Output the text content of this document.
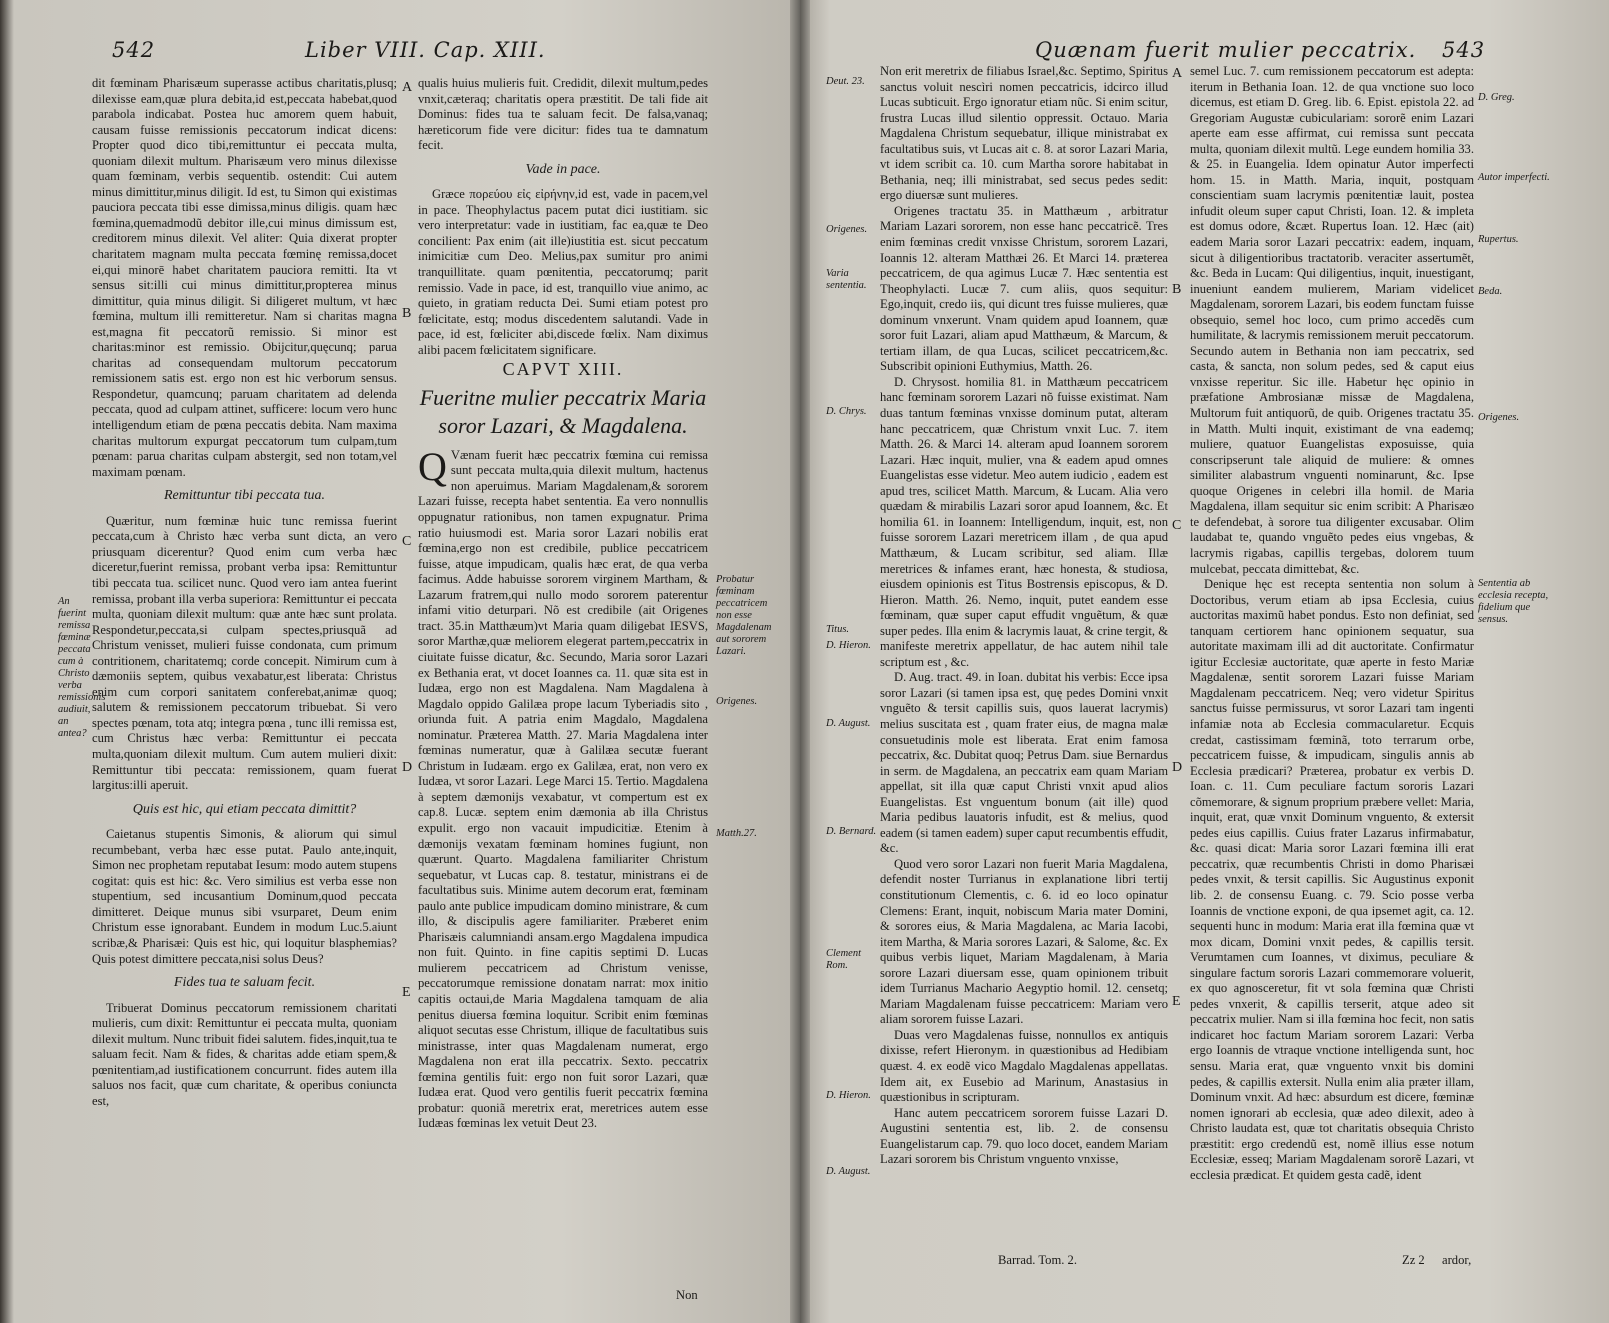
542	Liber VIII. Cap. XIII.

dit fœminam Pharisæum superasse actibus charitatis,plusq; dilexisse eam,quæ plura debita,id est,peccata habebat,quod parabola indicabat. Postea huc amorem quem habuit, causam fuisse remissionis peccatorum indicat dicens: Propter quod dico tibi,remittuntur ei peccata multa, quoniam dilexit multum. Pharisæum vero minus dilexisse quam fœminam, verbis sequentib. ostendit: Cui autem minus dimittitur,minus diligit. Id est, tu Simon qui existimas pauciora peccata tibi esse dimissa,minus diligis. quam hæc fœmina,quemadmodũ debitor ille,cui minus dimissum est, creditorem minus dilexit. Vel aliter: Quia dixerat propter charitatem magnam multa peccata fœminę remissa,docet ei,qui minorē habet charitatem pauciora remitti. Ita vt sensus sit:illi cui minus dimittitur,propterea minus dimittitur, quia minus diligit. Si diligeret multum, vt hæc fœmina, multum illi remitteretur. Nam si charitas magna est,magna fit peccatorũ remissio. Si minor est charitas:minor est remissio. Obijcitur,quęcunq; parua charitas ad consequendam multorum peccatorum remissionem satis est. ergo non est hic verborum sensus. Respondetur, quamcunq; paruam charitatem ad delenda peccata, quod ad culpam attinet, sufficere: locum vero hunc intelligendum etiam de pœna peccatis debita. Nam maxima charitas multorum expurgat peccatorum tum culpam,tum pœnam: parua charitas culpam abstergit, sed non totam,vel maximam pœnam.

Remittuntur tibi peccata tua.

Quæritur, num fœminæ huic tunc remissa fuerint peccata,cum à Christo hæc verba sunt dicta, an vero priusquam dicerentur? Quod enim cum verba hæc diceretur,fuerint remissa, probant verba ipsa: Remittuntur tibi peccata tua. scilicet nunc. Quod vero iam antea fuerint remissa, probant illa verba superiora: Remittuntur ei peccata multa, quoniam dilexit multum: quæ ante hæc sunt prolata. Respondetur,peccata,si culpam spectes,priusquã ad Christum venisset, mulieri fuisse condonata, cum primum contritionem, charitatemq; corde concepit. Nimirum cum à dæmoniis septem, quibus vexabatur,est liberata: Christus enim cum corpori sanitatem conferebat,animæ quoq; salutem & remissionem peccatorum tribuebat. Si vero spectes pœnam, tota atq; integra pœna , tunc illi remissa est, cum Christus hæc verba: Remittuntur ei peccata multa,quoniam dilexit multum. Cum autem mulieri dixit: Remittuntur tibi peccata: remissionem, quam fuerat largitus:illi aperuit.

Quis est hic, qui etiam peccata dimittit?

Caietanus stupentis Simonis, & aliorum qui simul recumbebant, verba hæc esse putat. Paulo ante,inquit, Simon nec prophetam reputabat Iesum: modo autem stupens cogitat: quis est hic: &c. Vero similius est verba esse non stupentium, sed incusantium Dominum,quod peccata dimitteret. Deique munus sibi vsurparet, Deum enim Christum esse ignorabant. Eundem in modum Luc.5.aiunt scribæ,& Pharisæi: Quis est hic, qui loquitur blasphemias? Quis potest dimittere peccata,nisi solus Deus?

Fides tua te saluam fecit.

Tribuerat Dominus peccatorum remissionem charitati mulieris, cum dixit: Remittuntur ei peccata multa, quoniam dilexit multum. Nunc tribuit fidei salutem. fides,inquit,tua te saluam fecit. Nam & fides, & charitas adde etiam spem,& pœnitentiam,ad iustificationem concurrunt. fides autem illa saluos nos facit, quæ cum charitate, & operibus coniuncta est,

qualis huius mulieris fuit. Credidit, dilexit multum,pedes vnxit,cæteraq; charitatis opera præstitit. De tali fide ait Dominus: fides tua te saluam fecit. De falsa,vanaq; hæreticorum fide vere dicitur: fides tua te damnatum fecit.

Vade in pace.

Græce πορεύου εἰς εἰρήνην,id est, vade in pacem,vel in pace. Theophylactus pacem putat dici iustitiam. sic vero interpretatur: vade in iustitiam, fac ea,quæ te Deo concilient: Pax enim (ait ille)iustitia est. sicut peccatum inimicitiæ cum Deo. Melius,pax sumitur pro animi tranquillitate. quam pœnitentia, peccatorumq; parit remissio. Vade in pace, id est, tranquillo viue animo, ac quieto, in gratiam reducta Dei. Sumi etiam potest pro fœlicitate, estq; modus discedentem salutandi. Vade in pace, id est, fœliciter abi,discede fœlix. Nam diximus alibi pacem fœlicitatem significare.

CAPVT XIII.
Fueritne mulier peccatrix Maria soror Lazari, & Magdalena.

Q Vænam fuerit hæc peccatrix fœmina cui remissa sunt peccata multa,quia dilexit multum, hactenus non aperuimus. Mariam Magdalenam,& sororem Lazari fuisse, recepta habet sententia. Ea vero nonnullis oppugnatur rationibus, non tamen expugnatur. Prima ratio huiusmodi est. Maria soror Lazari nobilis erat fœmina,ergo non est credibile, publice peccatricem fuisse, atque impudicam, qualis hæc erat, de qua verba facimus. Adde habuisse sororem virginem Martham, & Lazarum fratrem,qui nullo modo sororem paterentur infami vitio deturpari. Nõ est credibile (ait Origenes tract. 35.in Matthæum)vt Maria quam diligebat IESVS, soror Marthæ,quæ meliorem elegerat partem,peccatrix in ciuitate fuisse dicatur, &c. Secundo, Maria soror Lazari ex Bethania erat, vt docet Ioannes ca. 11. quæ sita est in Iudæa, ergo non est Magdalena. Nam Magdalena à Magdalo oppido Galilæa prope lacum Tyberiadis sito , orìunda fuit. A patria enim Magdalo, Magdalena nominatur. Præterea Matth. 27. Maria Magdalena inter fœminas numeratur, quæ à Galilæa secutæ fuerant Christum in Iudæam. ergo ex Galilæa, erat, non vero ex Iudæa, vt soror Lazari. Lege Marci 15. Tertio. Magdalena à septem dæmonijs vexabatur, vt compertum est ex cap.8. Lucæ. septem enim dæmonia ab illa Christus expulit. ergo non vacauit impudicitiæ. Etenim à dæmonijs vexatam fœminam homines fugiunt, non quærunt. Quarto. Magdalena familiariter Christum sequebatur, vt Lucas cap. 8. testatur, ministrans ei de facultatibus suis. Minime autem decorum erat, fœminam paulo ante publice impudicam domino ministrare, & cum illo, & discipulis agere familiariter. Præberet enim Pharisæis calumniandi ansam.ergo Magdalena impudica non fuit. Quinto. in fine capitis septimi D. Lucas mulierem peccatricem ad Christum venisse, peccatorumque remissione donatam narrat: mox initio capitis octaui,de Maria Magdalena tamquam de alia penitus diuersa fœmina loquitur. Scribit enim fœminas aliquot secutas esse Christum, illique de facultatibus suis ministrasse, inter quas Magdalenam numerat, ergo Magdalena non erat illa peccatrix. Sexto. peccatrix fœmina gentilis fuit: ergo non fuit soror Lazari, quæ Iudæa erat. Quod vero gentilis fuerit peccatrix fœmina probatur: quoniã meretrix erat, meretrices autem esse Iudæas fœminas lex vetuit Deut 23.

Non
A
B
C
D
E
An fuerint remissa fœminæ peccata cum à Christo verba remissionis audiuit, an antea?
Probatur fœminam peccatricem non esse Magdalenam aut sororem Lazari.
Origenes.
Matth.27.
Quænam fuerit mulier peccatrix. 543

Non erit meretrix de filiabus Israel,&c. Septimo, Spiritus sanctus voluit nescìri nomen peccatricis, idcirco illud Lucas subticuit. Ergo ignoratur etiam nũc. Si enim scitur, frustra Lucas illud silentio oppressit. Octauo. Maria Magdalena Christum sequebatur, illique ministrabat ex facultatibus suis, vt Lucas ait c. 8. at soror Lazari Maria, vt idem scribit ca. 10. cum Martha sorore habitabat in Bethania, neq; illi ministrabat, sed secus pedes sedit: ergo diuersæ sunt mulieres.

Origenes tractatu 35. in Matthæum , arbitratur Mariam Lazari sororem, non esse hanc peccatricẽ. Tres enim fœminas credit vnxisse Christum, sororem Lazari, Ioannis 12. alteram Matthæi 26. Et Marci 14. præterea peccatricem, de qua agimus Lucæ 7. Hæc sententia est Theophylacti. Lucæ 7. cum aliis, quos sequitur: Ego,inquit, credo iis, qui dicunt tres fuisse mulieres, quæ dominum vnxerunt. Vnam quidem apud Ioannem, quæ soror fuit Lazari, aliam apud Matthæum, & Marcum, & tertiam illam, de qua Lucas, scilicet peccatricem,&c. Subscribit opinioni Euthymius, Matth. 26.

D. Chrysost. homilia 81. in Matthæum peccatricem hanc fœminam sororem Lazari nõ fuisse existimat. Nam duas tantum fœminas vnxisse dominum putat, alteram hanc peccatricem, quæ Christum vnxit Luc. 7. item Matth. 26. & Marci 14. alteram apud Ioannem sororem Lazari. Hæc inquit, mulier, vna & eadem apud omnes Euangelistas esse videtur. Meo autem iudicio , eadem est apud tres, scilicet Matth. Marcum, & Lucam. Alia vero quædam & mirabilis Lazari soror apud Ioannem, &c. Et homilia 61. in Ioannem: Intelligendum, inquit, est, non fuisse sororem Lazari meretricem illam , de qua apud Matthæum, & Lucam scribitur, sed aliam. Illæ meretrices & infames erant, hæc honesta, & studiosa, eiusdem opinionis est Titus Bostrensis episcopus, & D. Hieron. Matth. 26. Nemo, inquit, putet eandem esse fœminam, quæ super caput effudit vnguẽtum, & quæ super pedes. Illa enim & lacrymis lauat, & crine tergit, & manifeste meretrix appellatur, de hac autem nihil tale scriptum est , &c.

D. Aug. tract. 49. in Ioan. dubitat his verbis: Ecce ipsa soror Lazari (si tamen ipsa est, quę pedes Domini vnxit vnguẽto & tersit capillis suis, quos lauerat lacrymis) melius suscitata est , quam frater eius, de magna malæ consuetudinis mole est liberata. Erat enim famosa peccatrix, &c. Dubitat quoq; Petrus Dam. siue Bernardus in serm. de Magdalena, an peccatrix eam quam Mariam appellat, sit illa quæ caput Christi vnxit apud alios Euangelistas. Est vnguentum bonum (ait ille) quod Maria pedibus lauatoris infudit, est & melius, quod eadem (si tamen eadem) super caput recumbentis effudit, &c.

Quod vero soror Lazari non fuerit Maria Magdalena, defendit noster Turrianus in explanatione libri tertij constitutionum Clementis, c. 6. id eo loco opinatur Clemens: Erant, inquit, nobiscum Maria mater Domini, & sorores eius, & Maria Magdalena, ac Maria Iacobi, item Martha, & Maria sorores Lazari, & Salome, &c. Ex quibus verbis liquet, Mariam Magdalenam, à Maria sorore Lazari diuersam esse, quam opinionem tribuit idem Turrianus Machario Aegyptio homil. 12. censetq; Mariam Magdalenam fuisse peccatricem: Mariam vero aliam sororem fuisse Lazari.

Duas vero Magdalenas fuisse, nonnullos ex antiquis dixisse, refert Hieronym. in quæstionibus ad Hedibiam quæst. 4. ex eodẽ vico Magdalo Magdalenas appellatas. Idem ait, ex Eusebio ad Marinum, Anastasius in quæstionibus in scripturam.

Hanc autem peccatricem sororem fuisse Lazari D. Augustini sententia est, lib. 2. de consensu Euangelistarum cap. 79. quo loco docet, eandem Mariam Lazari sororem bis Christum vnguento vnxisse,

semel Luc. 7. cum remissionem peccatorum est adepta: iterum in Bethania Ioan. 12. de qua vnctione suo loco dicemus, est etiam D. Greg. lib. 6. Epist. epistola 22. ad Gregoriam Augustæ cubiculariam: sororẽ enim Lazari aperte eam esse affirmat, cui remissa sunt peccata multa, quoniam dilexit multũ. Lege eundem homilia 33. & 25. in Euangelia. Idem opinatur Autor imperfecti hom. 15. in Matth. Maria, inquit, postquam conscientiam suam lacrymis pœnitentiæ lauit, postea infudit oleum super caput Christi, Ioan. 12. & impleta est domus odore, &cæt. Rupertus Ioan. 12. Hæc (ait) eadem Maria soror Lazari peccatrix: eadem, inquam, sicut à diligentioribus tractatorib. veraciter assertumẽt, &c. Beda in Lucam: Qui diligentius, inquit, inuestigant, inueniunt eandem mulierem, Mariam videlicet Magdalenam, sororem Lazari, bis eodem functam fuisse obsequio, semel hoc loco, cum primo accedẽs cum humilitate, & lacrymis remissionem meruit peccatorum. Secundo autem in Bethania non iam peccatrix, sed casta, & sancta, non solum pedes, sed & caput eius vnxisse reperitur. Sic ille. Habetur hęc opinio in præfatione Ambrosianæ missæ de Magdalena, Multorum fuit antiquorũ, de quib. Origenes tractatu 35. in Matth. Multi inquit, existimant de vna eademq; muliere, quatuor Euangelistas exposuisse, quia conscripserunt tale aliquid de muliere: & omnes similiter alabastrum vnguenti nominarunt, &c. Ipse quoque Origenes in celebri illa homil. de Maria Magdalena, illam sequitur sic enim scribit: A Pharisæo te defendebat, à sorore tua diligenter excusabar. Olim laudabat te, quando vnguẽto pedes eius vngebas, & lacrymis rigabas, capillis tergebas, dolorem tuum mulcebat, peccata dimittebat, &c.

Denique hęc est recepta sententia non solum à Doctoribus, verum etiam ab ipsa Ecclesia, cuius auctoritas maximũ habet pondus. Esto non definiat, sed tanquam certiorem hanc opinionem sequatur, sua autoritate maximam illi ad dit auctoritate. Confirmatur igitur Ecclesiæ auctoritate, quæ aperte in festo Mariæ Magdalenæ, sentit sororem Lazari fuisse Mariam Magdalenam peccatricem. Neq; vero videtur Spiritus sanctus fuisse permissurus, vt soror Lazari tam ingenti infamiæ nota ab Ecclesia commacularetur. Ecquis credat, castissimam fœminã, toto terrarum orbe, peccatricem fuisse, & impudicam, singulis annis ab Ecclesia prædicari? Præterea, probatur ex verbis D. Ioan. c. 11. Cum peculiare factum sororis Lazari cõmemorare, & signum proprium præbere vellet: Maria, inquit, erat, quæ vnxit Dominum vnguento, & extersit pedes eius capillis. Cuius frater Lazarus infirmabatur, &c. quasi dicat: Maria soror Lazari fœmina illi erat peccatrix, quæ recumbentis Christi in domo Pharisæi pedes vnxit, & tersit capillis. Sic Augustinus exponit lib. 2. de consensu Euang. c. 79. Scio posse verba Ioannis de vnctione exponi, de qua ipsemet agit, ca. 12. sequenti hunc in modum: Maria erat illa fœmina quæ vt mox dicam, Domini vnxit pedes, & capillis tersit. Verumtamen cum Ioannes, vt diximus, peculiare & singulare factum sororis Lazari commemorare voluerit, ex quo agnosceretur, fit vt sola fœmina quæ Christi pedes vnxerit, & capillis terserit, atque adeo sit peccatrix mulier. Nam si illa fœmina hoc fecit, non satis indicaret hoc factum Mariam sororem Lazari: Verba ergo Ioannis de vtraque vnctione intelligenda sunt, hoc sensu. Maria erat, quæ vnguento vnxit bis domini pedes, & capillis extersit. Nulla enim alia præter illam, Dominum vnxit. Ad hæc: absurdum est dicere, fœminæ nomen ignorari ab ecclesia, quæ adeo dilexit, adeo à Christo laudata est, quæ tot charitatis obsequia Christo præstitit: ergo credendũ est, nomẽ illius esse notum Ecclesiæ, esseq; Mariam Magdalenam sororẽ Lazari, vt ecclesia prædicat. Et quidem gesta cadẽ, ident

Barrad. Tom. 2.	Zz 2 ardor,
A
B
C
D
E
Deut. 23.
Origenes.
Varia sententia.
D. Chrys.
Titus.
D. Hieron.
D. August.
D. Bernard.
Clement Rom.
D. Hieron.
D. August.
D. Greg.
Autor imperfecti.
Rupertus.
Beda.
Origenes.
Sententia ab ecclesia recepta, fidelium que sensus.
